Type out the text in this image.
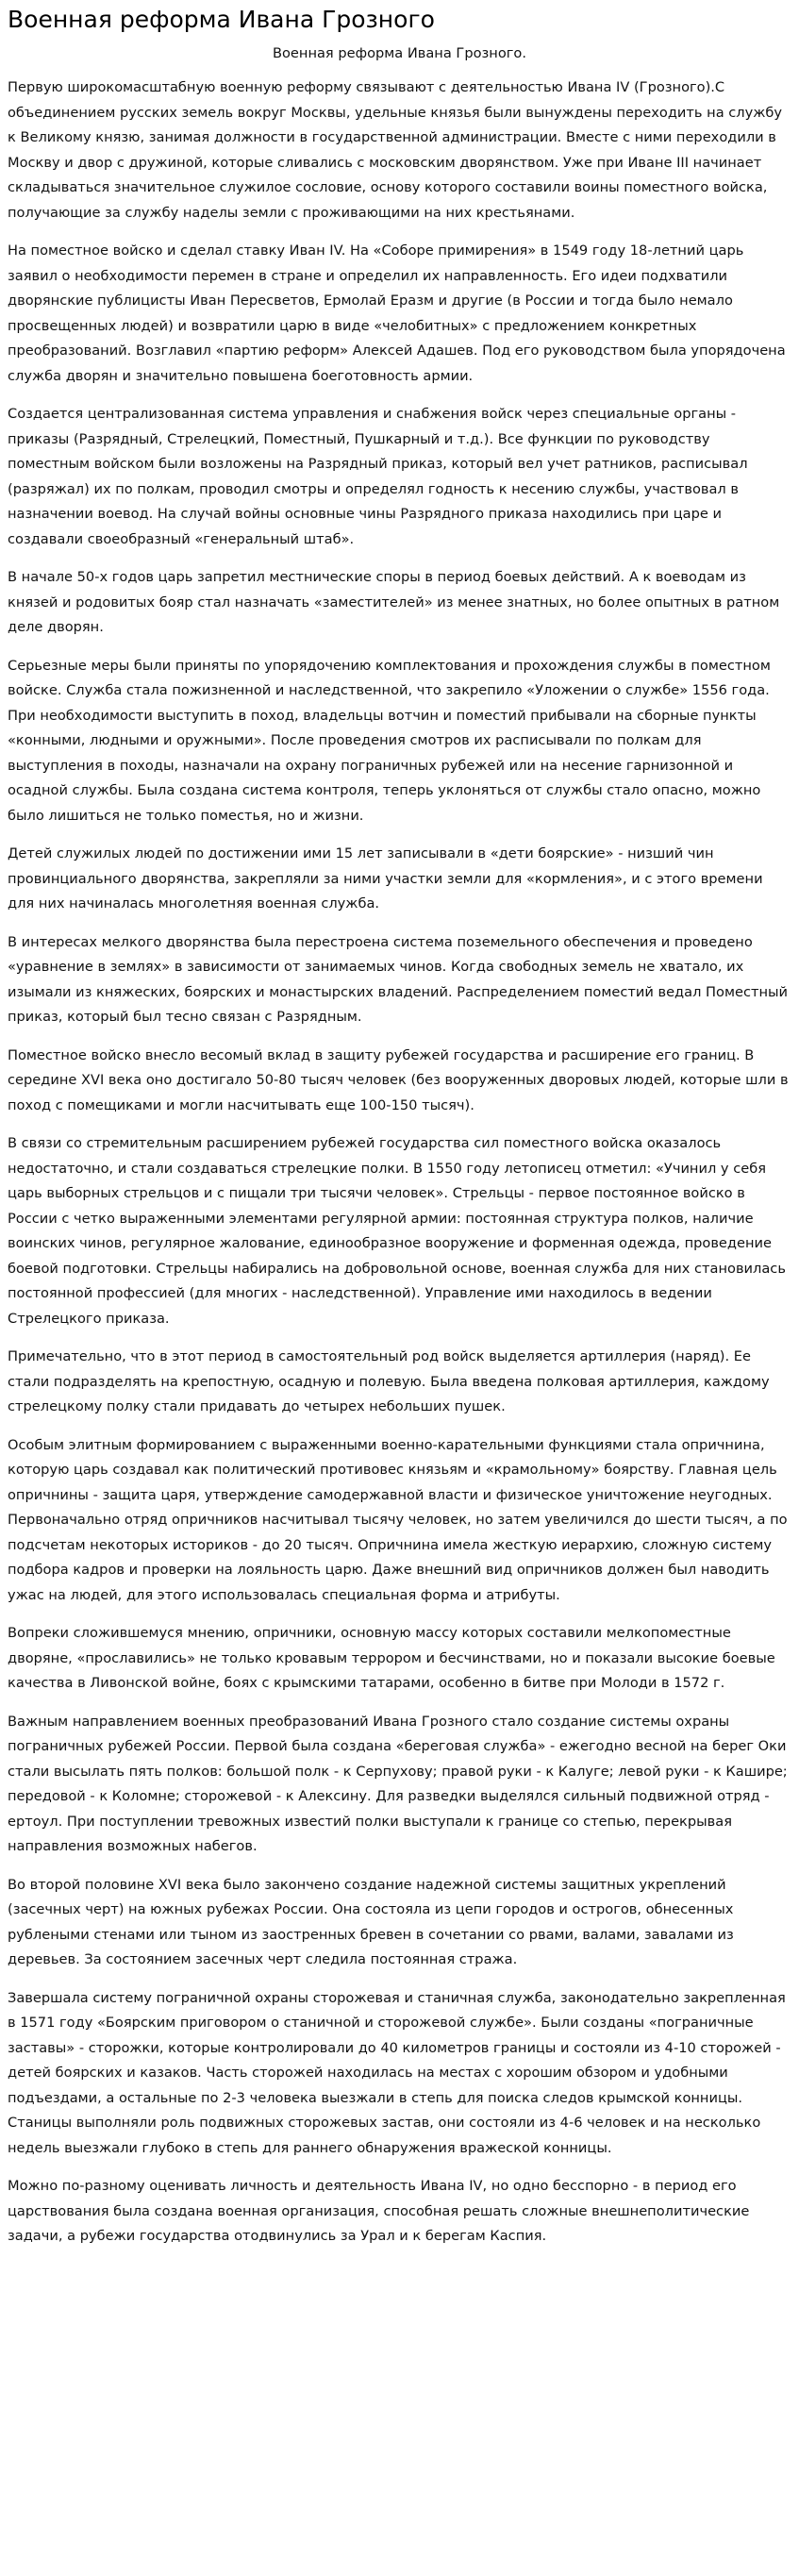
Военная реформа Ивана Грозного
Военная реформа Ивана Грозного.

Первую широкомасштабную военную реформу связывают с деятельностью Ивана IV (Грозного).С объединением русских земель вокруг Москвы, удельные князья были вынуждены переходить на службу к Великому князю, занимая должности в государственной администрации. Вместе с ними переходили в Москву и двор с дружиной, которые сливались с московским дворянством. Уже при Иване III начинает складываться значительное служилое сословие, основу которого составили воины поместного войска, получающие за службу наделы земли с проживающими на них крестьянами.

На поместное войско и сделал ставку Иван IV. На «Соборе примирения» в 1549 году 18-летний царь заявил о необходимости перемен в стране и определил их направленность. Его идеи подхватили дворянские публицисты Иван Пересветов, Ермолай Еразм и другие (в России и тогда было немало просвещенных людей) и возвратили царю в виде «челобитных» с предложением конкретных преобразований. Возглавил «партию реформ» Алексей Адашев. Под его руководством была упорядочена служба дворян и значительно повышена боеготовность армии.

Создается централизованная система управления и снабжения войск через специальные органы - приказы (Разрядный, Стрелецкий, Поместный, Пушкарный и т.д.). Все функции по руководству поместным войском были возложены на Разрядный приказ, который вел учет ратников, расписывал (разряжал) их по полкам, проводил смотры и определял годность к несению службы, участвовал в назначении воевод. На случай войны основные чины Разрядного приказа находились при царе и создавали своеобразный «генеральный штаб».

В начале 50-х годов царь запретил местнические споры в период боевых действий. А к воеводам из князей и родовитых бояр стал назначать «заместителей» из менее знатных, но более опытных в ратном деле дворян.

Серьезные меры были приняты по упорядочению комплектования и прохождения службы в поместном войске. Служба стала пожизненной и наследственной, что закрепило «Уложении о службе» 1556 года. При необходимости выступить в поход, владельцы вотчин и поместий прибывали на сборные пункты «конными, людными и оружными». После проведения смотров их расписывали по полкам для выступления в походы, назначали на охрану пограничных рубежей или на несение гарнизонной и осадной службы. Была создана система контроля, теперь уклоняться от службы стало опасно, можно было лишиться не только поместья, но и жизни.

Детей служилых людей по достижении ими 15 лет записывали в «дети боярские» - низший чин провинциального дворянства, закрепляли за ними участки земли для «кормления», и с этого времени для них начиналась многолетняя военная служба.

В интересах мелкого дворянства была перестроена система поземельного обеспечения и проведено «уравнение в землях» в зависимости от занимаемых чинов. Когда свободных земель не хватало, их изымали из княжеских, боярских и монастырских владений. Распределением поместий ведал Поместный приказ, который был тесно связан с Разрядным.

Поместное войско внесло весомый вклад в защиту рубежей государства и расширение его границ. В середине XVI века оно достигало 50-80 тысяч человек (без вооруженных дворовых людей, которые шли в поход с помещиками и могли насчитывать еще 100-150 тысяч).

В связи со стремительным расширением рубежей государства сил поместного войска оказалось недостаточно, и стали создаваться стрелецкие полки. В 1550 году летописец отметил: «Учинил у себя царь выборных стрельцов и с пищали три тысячи человек». Стрельцы - первое постоянное войско в России с четко выраженными элементами регулярной армии: постоянная структура полков, наличие воинских чинов, регулярное жалование, единообразное вооружение и форменная одежда, проведение боевой подготовки. Стрельцы набирались на добровольной основе, военная служба для них становилась постоянной профессией (для многих - наследственной). Управление ими находилось в ведении Стрелецкого приказа.

Примечательно, что в этот период в самостоятельный род войск выделяется артиллерия (наряд). Ее стали подразделять на крепостную, осадную и полевую. Была введена полковая артиллерия, каждому стрелецкому полку стали придавать до четырех небольших пушек.

Особым элитным формированием с выраженными военно-карательными функциями стала опричнина, которую царь создавал как политический противовес князьям и «крамольному» боярству. Главная цель опричнины - защита царя, утверждение самодержавной власти и физическое уничтожение неугодных. Первоначально отряд опричников насчитывал тысячу человек, но затем увеличился до шести тысяч, а по подсчетам некоторых историков - до 20 тысяч. Опричнина имела жесткую иерархию, сложную систему подбора кадров и проверки на лояльность царю. Даже внешний вид опричников должен был наводить ужас на людей, для этого использовалась специальная форма и атрибуты.

Вопреки сложившемуся мнению, опричники, основную массу которых составили мелкопоместные дворяне, «прославились» не только кровавым террором и бесчинствами, но и показали высокие боевые качества в Ливонской войне, боях с крымскими татарами, особенно в битве при Молоди в 1572 г.

Важным направлением военных преобразований Ивана Грозного стало создание системы охраны пограничных рубежей России. Первой была создана «береговая служба» - ежегодно весной на берег Оки стали высылать пять полков: большой полк - к Серпухову; правой руки - к Калуге; левой руки - к Кашире; передовой - к Коломне; сторожевой - к Алексину. Для разведки выделялся сильный подвижной отряд - ертоул. При поступлении тревожных известий полки выступали к границе со степью, перекрывая направления возможных набегов.

Во второй половине XVI века было закончено создание надежной системы защитных укреплений (засечных черт) на южных рубежах России. Она состояла из цепи городов и острогов, обнесенных рублеными стенами или тыном из заостренных бревен в сочетании со рвами, валами, завалами из деревьев. За состоянием засечных черт следила постоянная стража.

Завершала систему пограничной охраны сторожевая и станичная служба, законодательно закрепленная в 1571 году «Боярским приговором о станичной и сторожевой службе». Были созданы «пограничные заставы» - сторожки, которые контролировали до 40 километров границы и состояли из 4-10 сторожей - детей боярских и казаков. Часть сторожей находилась на местах с хорошим обзором и удобными подъездами, а остальные по 2-3 человека выезжали в степь для поиска следов крымской конницы. Станицы выполняли роль подвижных сторожевых застав, они состояли из 4-6 человек и на несколько недель выезжали глубоко в степь для раннего обнаружения вражеской конницы.

Можно по-разному оценивать личность и деятельность Ивана IV, но одно бесспорно - в период его царствования была создана военная организация, способная решать сложные внешнеполитические задачи, а рубежи государства отодвинулись за Урал и к берегам Каспия.
